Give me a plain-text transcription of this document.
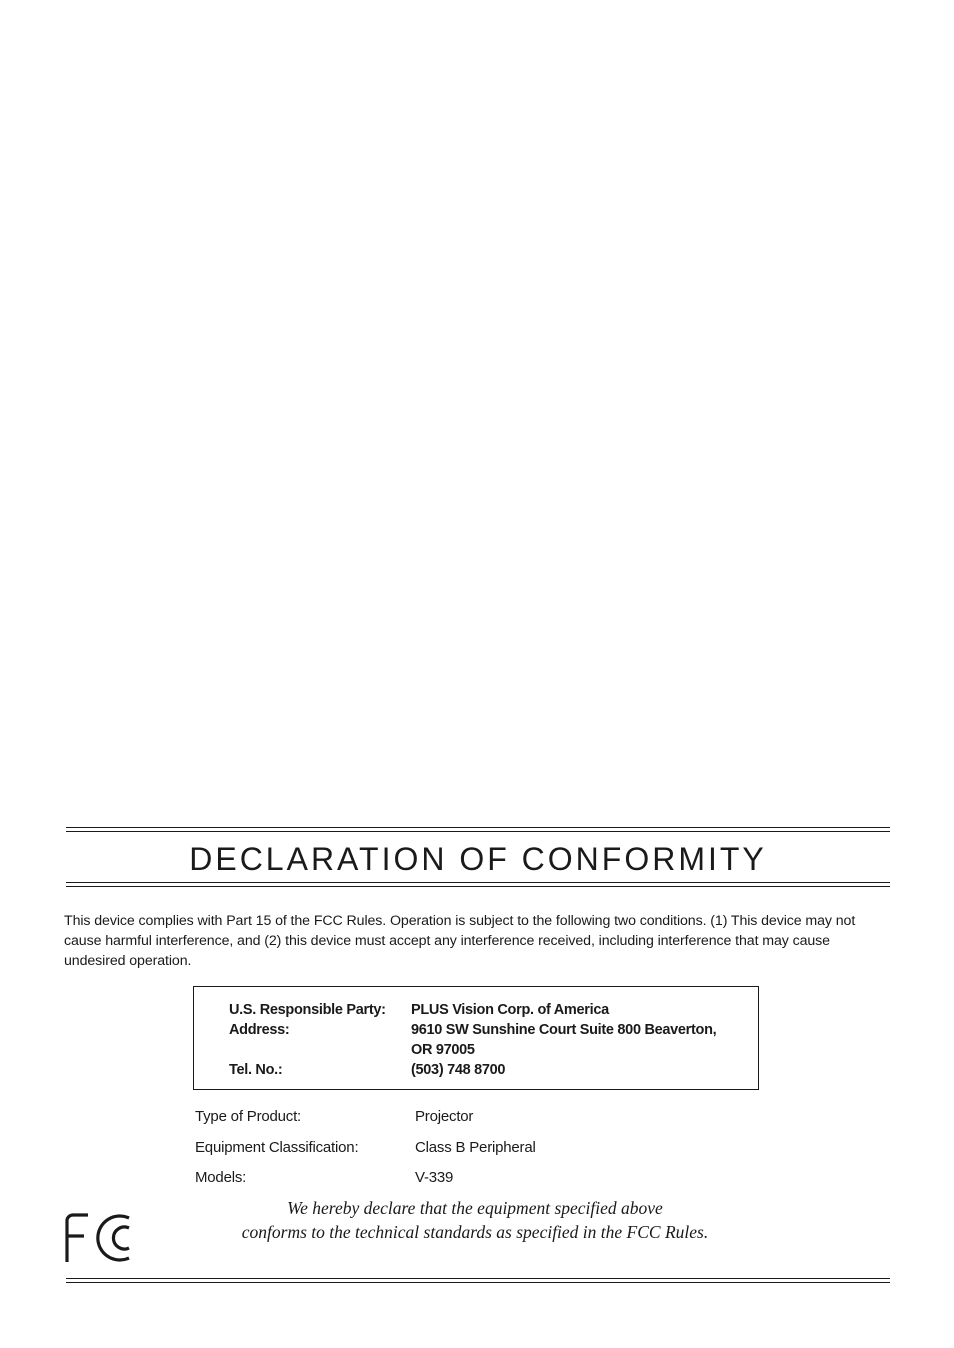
DECLARATION OF CONFORMITY

This device complies with Part 15 of the FCC Rules. Operation is subject to the following two conditions. (1) This device may not cause harmful interference, and (2) this device must accept any interference received, including interference that may cause undesired operation.

U.S. Responsible Party: PLUS Vision Corp. of America
Address:	9610 SW Sunshine Court Suite 800 Beaverton,
OR 97005
Tel. No.:	(503) 748 8700
Type of Product:	Projector
Equipment Classification:	Class B Peripheral
Models:	V-339

We hereby declare that the equipment specified above
conforms to the technical standards as specified in the FCC Rules.
